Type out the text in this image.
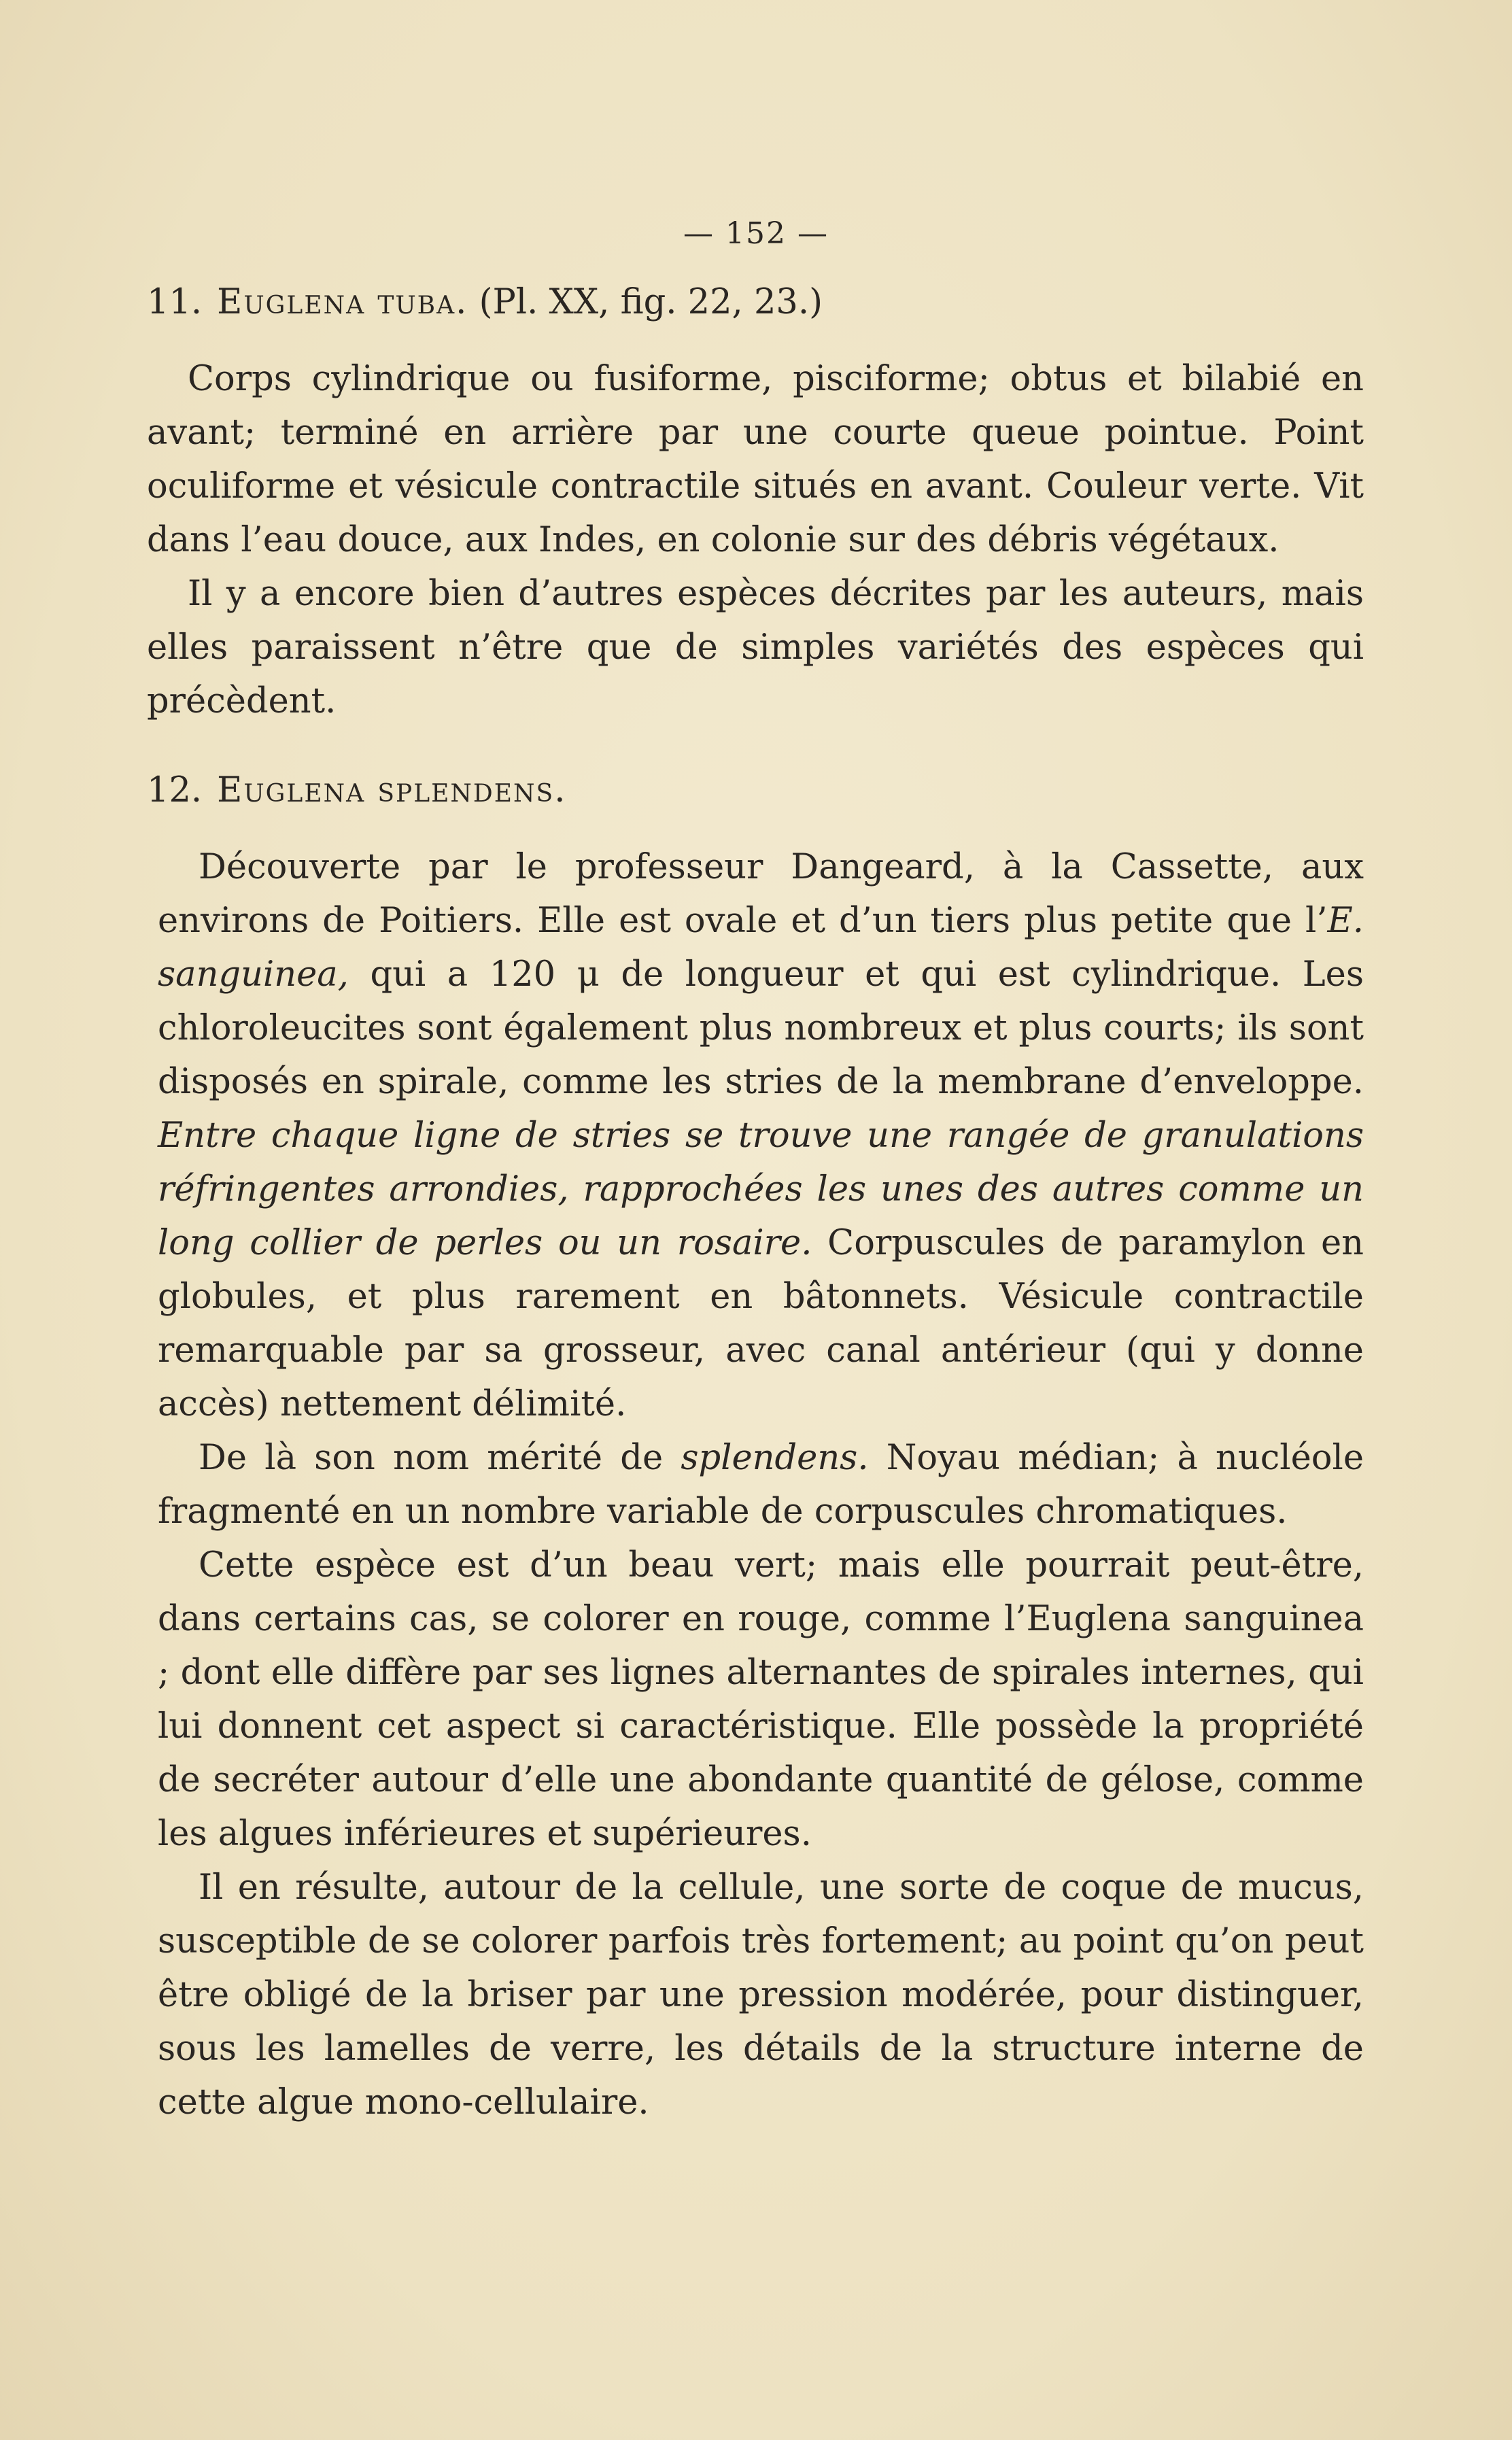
— 152 —
11. Euglena tuba. (Pl. XX, fig. 22, 23.)

Corps cylindrique ou fusiforme, pisciforme; obtus et bilabié en avant; terminé en arrière par une courte queue pointue. Point oculiforme et vésicule contractile situés en avant. Couleur verte. Vit dans l’eau douce, aux Indes, en colonie sur des débris végétaux.

Il y a encore bien d’autres espèces décrites par les auteurs, mais elles paraissent n’être que de simples variétés des espèces qui précèdent.

12. Euglena splendens.

Découverte par le professeur Dangeard, à la Cassette, aux environs de Poitiers. Elle est ovale et d’un tiers plus petite que l’E. sanguinea, qui a 120 μ de longueur et qui est cylindrique. Les chloroleucites sont également plus nombreux et plus courts; ils sont disposés en spirale, comme les stries de la membrane d’enveloppe. Entre chaque ligne de stries se trouve une rangée de granulations réfringentes arrondies, rapprochées les unes des autres comme un long collier de perles ou un rosaire. Corpuscules de paramylon en globules, et plus rarement en bâtonnets. Vésicule contractile remarquable par sa grosseur, avec canal antérieur (qui y donne accès) nettement délimité.

De là son nom mérité de splendens. Noyau médian; à nucléole fragmenté en un nombre variable de corpuscules chromatiques.

Cette espèce est d’un beau vert; mais elle pourrait peut-être, dans certains cas, se colorer en rouge, comme l’Euglena sanguinea ; dont elle diffère par ses lignes alternantes de spirales internes, qui lui donnent cet aspect si caractéristique. Elle possède la propriété de secréter autour d’elle une abondante quantité de gélose, comme les algues inférieures et supérieures.

Il en résulte, autour de la cellule, une sorte de coque de mucus, susceptible de se colorer parfois très fortement; au point qu’on peut être obligé de la briser par une pression modérée, pour distinguer, sous les lamelles de verre, les détails de la structure interne de cette algue mono-cellulaire.
